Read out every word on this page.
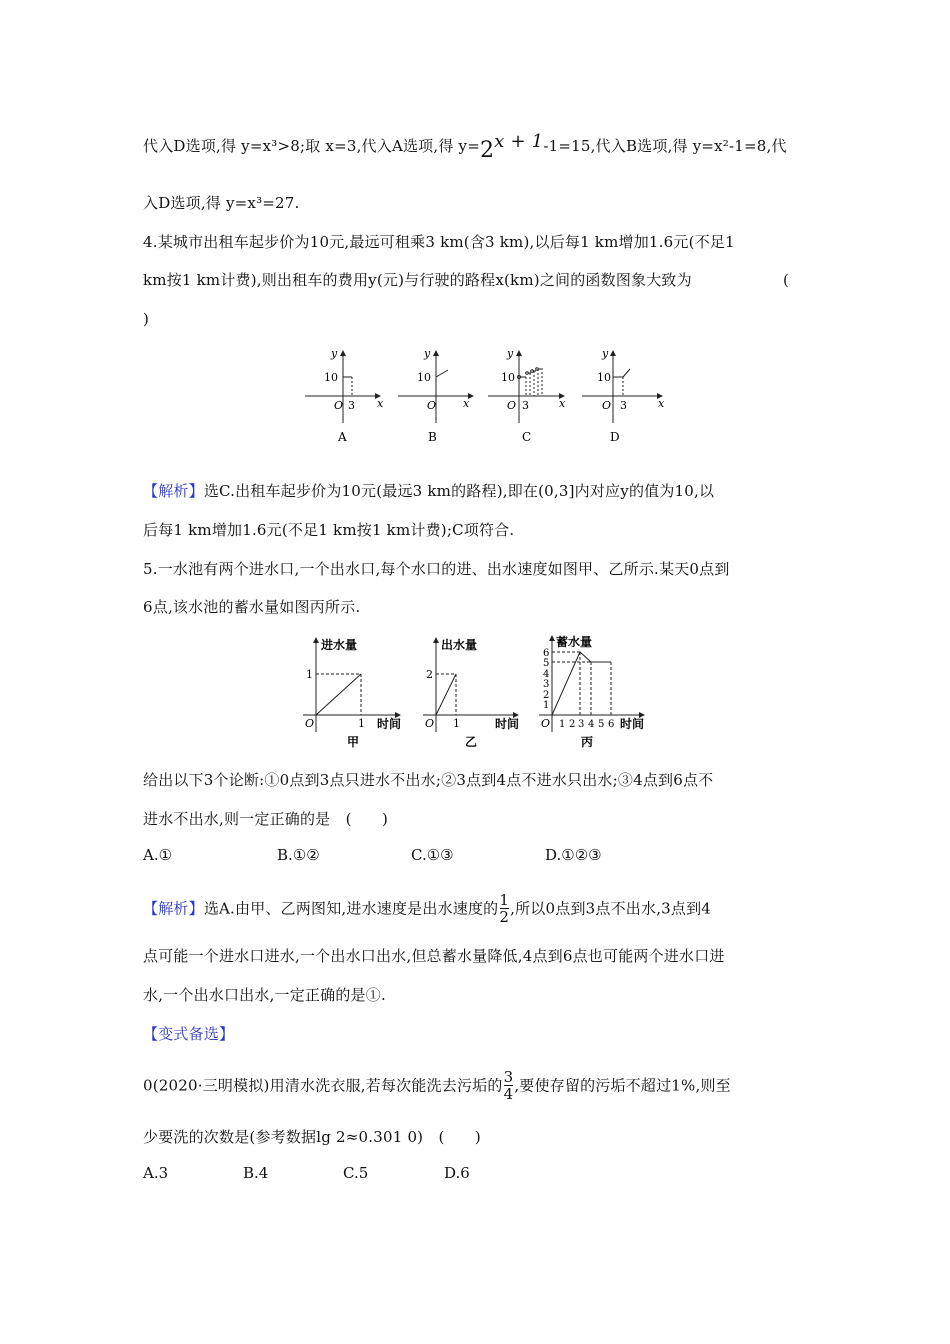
代入D选项,得 y=x³>8;取 x=3,代入A选项,得 y=2x + 1-1=15,代入B选项,得 y=x²-1=8,代
入D选项,得 y=x³=27.
4.某城市出租车起步价为10元,最远可租乘3 km(含3 km),以后每1 km增加1.6元(不足1
km按1 km计费),则出租车的费用y(元)与行驶的路程x(km)之间的函数图象大致为	(
)
y
10
O 3 x
A
y
10
O x
B
y
10
O 3	x
C
y
10
O 3	x
D
【解析】选C.出租车起步价为10元(最远3 km的路程),即在(0,3]内对应y的值为10,以
后每1 km增加1.6元(不足1 km按1 km计费);C项符合.
5.一水池有两个进水口,一个出水口,每个水口的进、出水速度如图甲、乙所示.某天0点到
6点,该水池的蓄水量如图丙所示.
进水量
1
O	1 时间
甲
出水量
2
O 1	时间
乙
蓄水量
6
5
4
3
2
1
O 1 2 3 4 5 6 时间
丙
给出以下3个论断:①0点到3点只进水不出水;②3点到4点不进水只出水;③4点到6点不
进水不出水,则一定正确的是　(　　)
A.①	B.①②	C.①③	D.①②③
【解析】选A.由甲、乙两图知,进水速度是出水速度的 $\frac{1}{2}$ ,所以0点到3点不出水,3点到4
点可能一个进水口进水,一个出水口出水,但总蓄水量降低,4点到6点也可能两个进水口进
水,一个出水口出水,一定正确的是①.
【变式备选】
0(2020·三明模拟)用清水洗衣服,若每次能洗去污垢的 $\frac{3}{4}$ ,要使存留的污垢不超过1%,则至
少要洗的次数是(参考数据lg 2≈0.301 0)　(　　)
A.3	B.4	C.5	D.6
